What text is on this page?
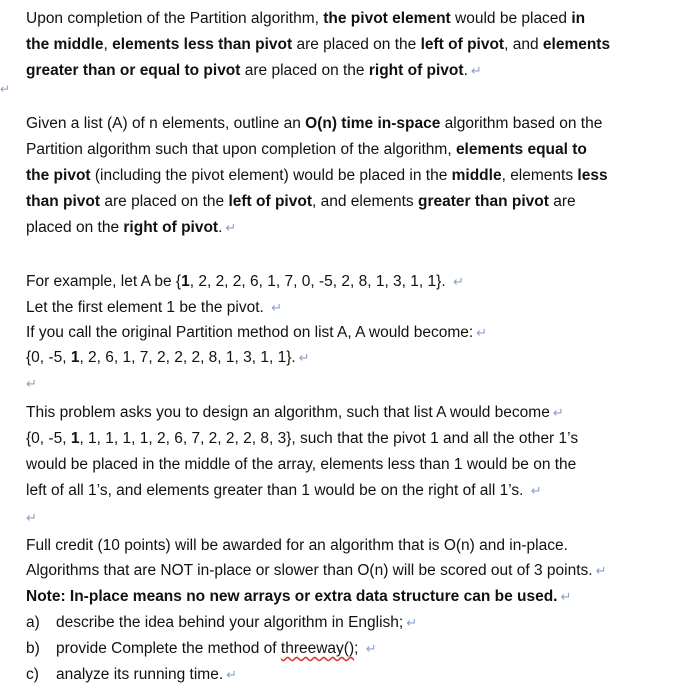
↵
Upon completion of the Partition algorithm, the pivot element would be placed in
the middle, elements less than pivot are placed on the left of pivot, and elements
greater than or equal to pivot are placed on the right of pivot. ↵
Given a list (A) of n elements, outline an O(n) time in-space algorithm based on the
Partition algorithm such that upon completion of the algorithm, elements equal to
the pivot (including the pivot element) would be placed in the middle, elements less
than pivot are placed on the left of pivot, and elements greater than pivot are
placed on the right of pivot. ↵
For example, let A be {1, 2, 2, 2, 6, 1, 7, 0, -5, 2, 8, 1, 3, 1, 1}. ↵
Let the first element 1 be the pivot. ↵
If you call the original Partition method on list A, A would become: ↵
{0, -5, 1, 2, 6, 1, 7, 2, 2, 2, 8, 1, 3, 1, 1}. ↵
↵
This problem asks you to design an algorithm, such that list A would become ↵
{0, -5, 1, 1, 1, 1, 1, 2, 6, 7, 2, 2, 2, 8, 3}, such that the pivot 1 and all the other 1’s
would be placed in the middle of the array, elements less than 1 would be on the
left of all 1’s, and elements greater than 1 would be on the right of all 1’s. ↵
↵
Full credit (10 points) will be awarded for an algorithm that is O(n) and in-place.
Algorithms that are NOT in-place or slower than O(n) will be scored out of 3 points. ↵
Note: In-place means no new arrays or extra data structure can be used. ↵
a) describe the idea behind your algorithm in English; ↵
b) provide Complete the method of threeway(); ↵
c) analyze its running time. ↵
